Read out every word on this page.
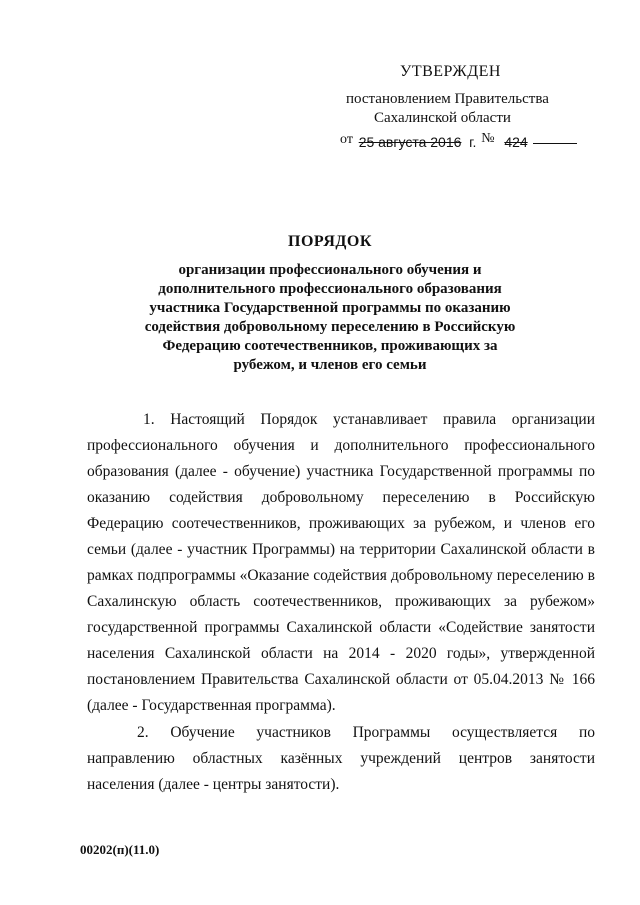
УТВЕРЖДЕН
постановлением Правительства
Сахалинской области
от 25 августа 2016 г. № 424
ПОРЯДОК
организации профессионального обучения и
дополнительного профессионального образования
участника Государственной программы по оказанию
содействия добровольному переселению в Российскую
Федерацию соотечественников, проживающих за
рубежом, и членов его семьи

1. Настоящий Порядок устанавливает правила организации профессионального обучения и дополнительного профессионального образования (далее - обучение) участника Государственной программы по оказанию содействия добровольному переселению в Российскую Федерацию соотечественников, проживающих за рубежом, и членов его семьи (далее - участник Программы) на территории Сахалинской области в рамках подпрограммы «Оказание содействия добровольному переселению в Сахалинскую область соотечественников, проживающих за рубежом» государственной программы Сахалинской области «Содействие занятости населения Сахалинской области на 2014 - 2020 годы», утвержденной постановлением Правительства Сахалинской области от 05.04.2013 № 166 (далее - Государственная программа).

2. Обучение участников Программы осуществляется по направлению областных казённых учреждений центров занятости населения (далее - центры занятости).

00202(п)(11.0)
